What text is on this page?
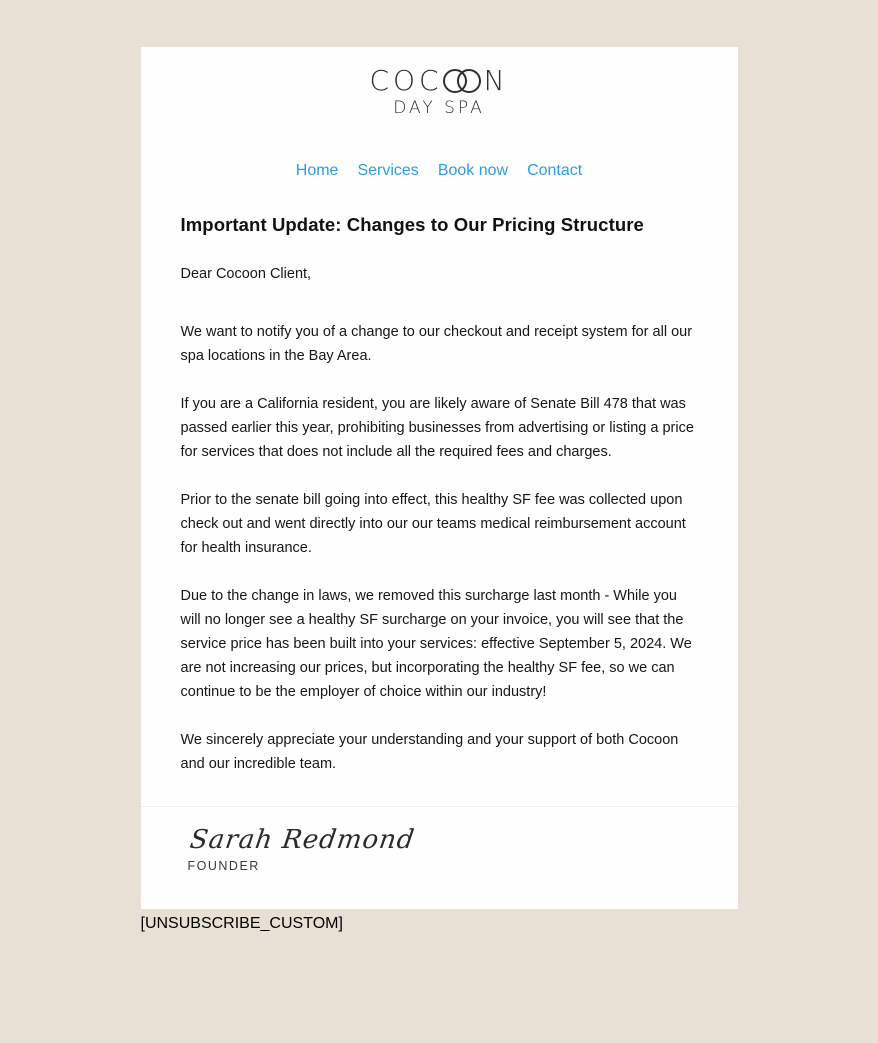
COC N
DAY SPA
Home Services Book now Contact
Important Update: Changes to Our Pricing Structure

Dear Cocoon Client,

We want to notify you of a change to our checkout and receipt system for all our spa locations in the Bay Area.

If you are a California resident, you are likely aware of Senate Bill 478 that was passed earlier this year, prohibiting businesses from advertising or listing a price for services that does not include all the required fees and charges.

Prior to the senate bill going into effect, this healthy SF fee was collected upon check out and went directly into our our teams medical reimbursement account for health insurance.

Due to the change in laws, we removed this surcharge last month - While you will no longer see a healthy SF surcharge on your invoice, you will see that the service price has been built into your services: effective September 5, 2024. We are not increasing our prices, but incorporating the healthy SF fee, so we can continue to be the employer of choice within our industry!

We sincerely appreciate your understanding and your support of both Cocoon and our incredible team.

Sarah Redmond
FOUNDER
[UNSUBSCRIBE_CUSTOM]
